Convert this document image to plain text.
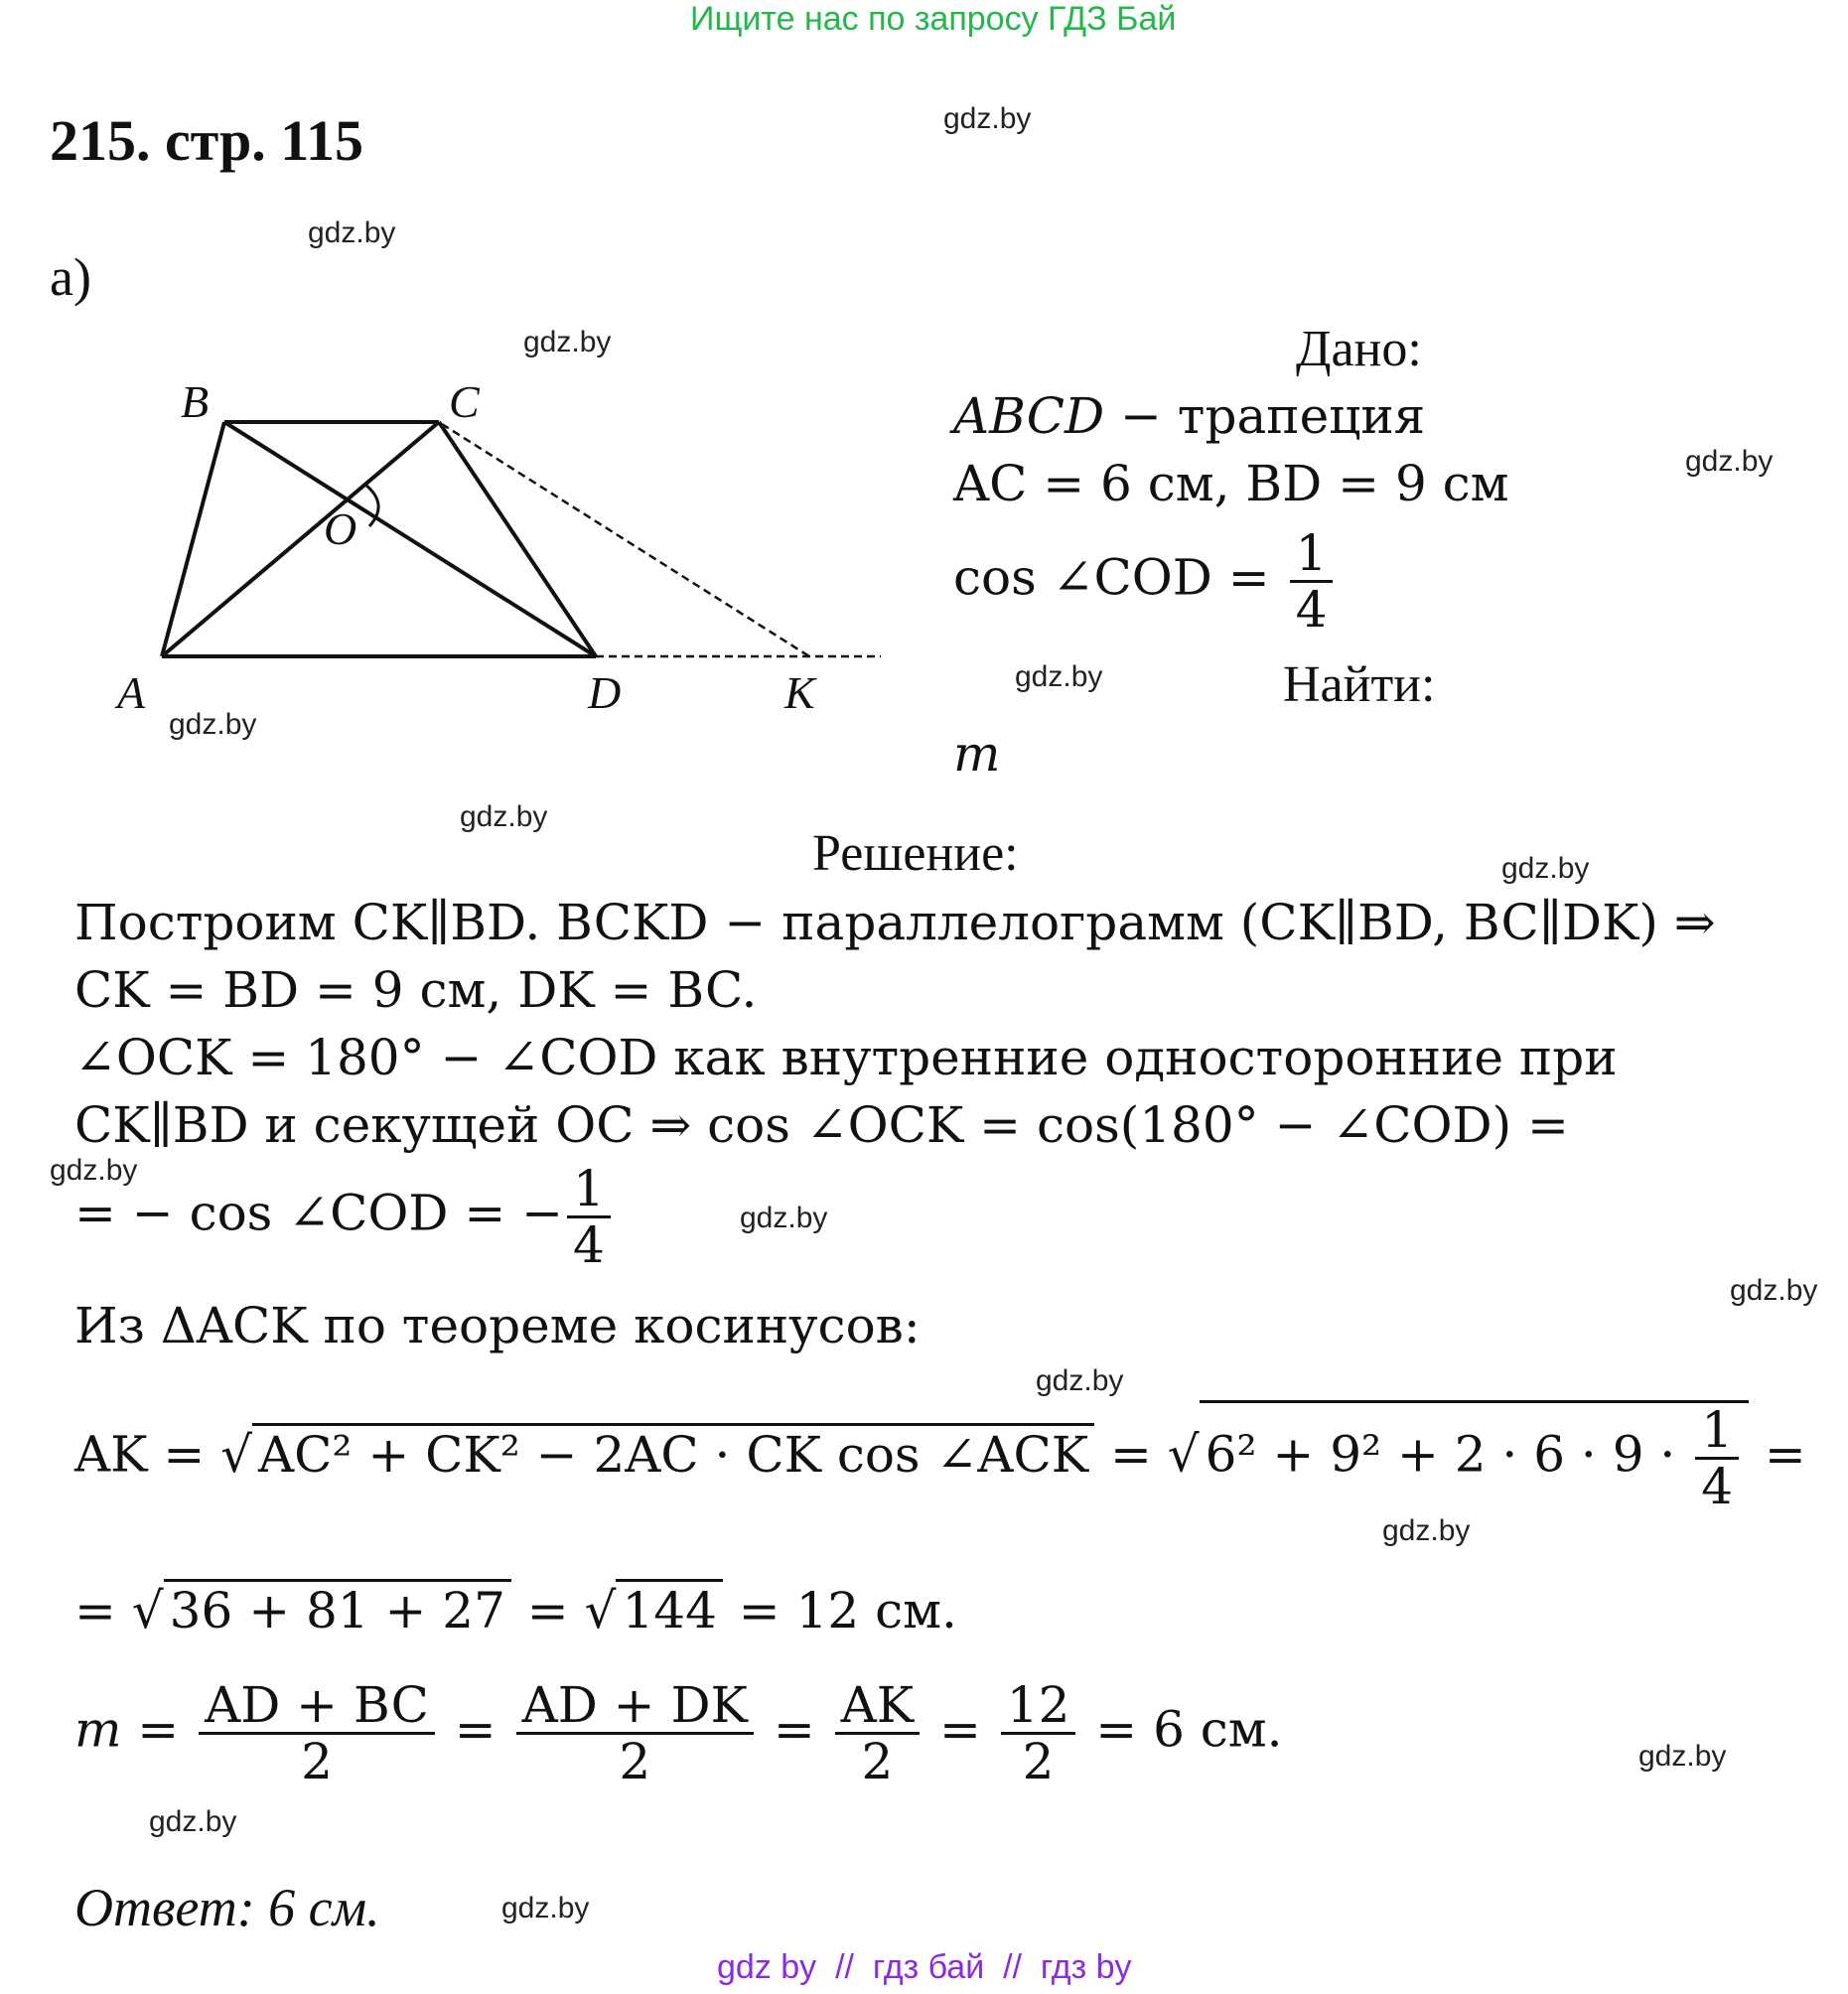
Ищите нас по запросу ГДЗ Бай
215. стр. 115
а)
gdz.by
gdz.by
gdz.by
gdz.by
gdz.by
gdz.by
gdz.by
gdz.by
gdz.by
gdz.by
gdz.by
gdz.by
gdz.by
gdz.by
gdz.by
gdz.by
B	C
O
A	D	K
Дано:
ABCD − трапеция
AC = 6 см, BD = 9 см
cos ∠COD = $\frac{1}{4}$
Найти:
m
Решение:
Построим CK∥BD. BCKD − параллелограмм (CK∥BD, BC∥DK) ⇒
CK = BD = 9 см, DK = BC.
∠OCK = 180° − ∠COD как внутренние односторонние при
CK∥BD и секущей OC ⇒ cos ∠OCK = cos(180° − ∠COD) =
= − cos ∠COD = − $\frac{1}{4}$
Из ΔACK по теореме косинусов:
AK = √ AC² + CK² − 2AC · CK cos ∠ACK = √ $6^2 + 9^2 + 2 \cdot 6 \cdot 9 \cdot \frac{1}{4}$ =
= √ 36 + 81 + 27 = √ 144 = 12 см.
$m = \frac{AD + BC}{2} = \frac{AD + DK}{2} = \frac{AK}{2} = \frac{12}{2} = 6$ см.
Ответ: 6 см.
gdz by  //  гдз бай  //  гдз by
